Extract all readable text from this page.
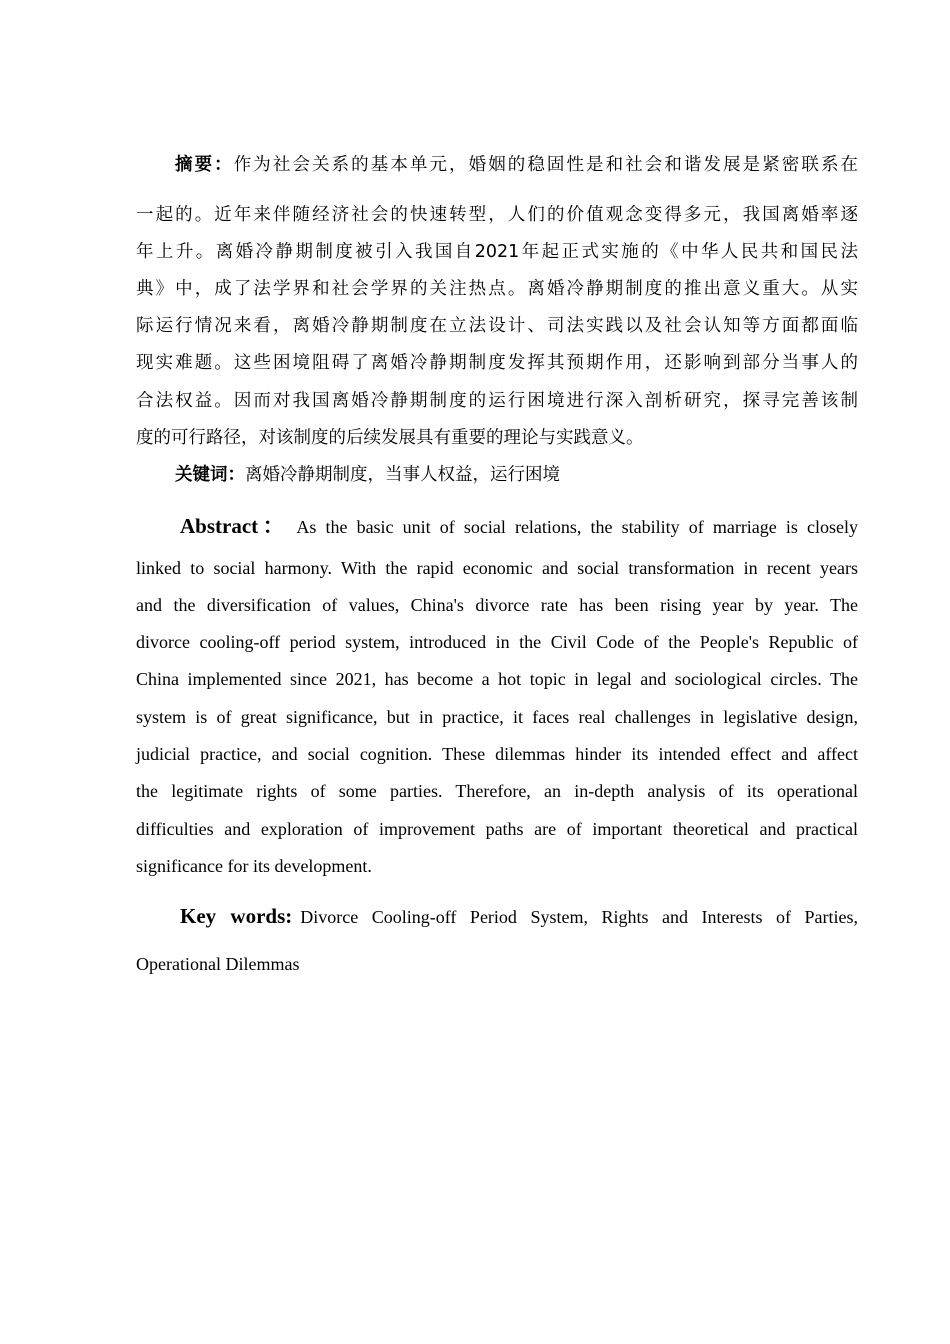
摘要：作为社会关系的基本单元，婚姻的稳固性是和社会和谐发展是紧密联系在
一起的。近年来伴随经济社会的快速转型，人们的价值观念变得多元，我国离婚率逐
年上升。离婚冷静期制度被引入我国自2021年起正式实施的《中华人民共和国民法
典》中，成了法学界和社会学界的关注热点。离婚冷静期制度的推出意义重大。从实
际运行情况来看，离婚冷静期制度在立法设计、司法实践以及社会认知等方面都面临
现实难题。这些困境阻碍了离婚冷静期制度发挥其预期作用，还影响到部分当事人的
合法权益。因而对我国离婚冷静期制度的运行困境进行深入剖析研究，探寻完善该制
度的可行路径，对该制度的后续发展具有重要的理论与实践意义。
关键词：离婚冷静期制度，当事人权益，运行困境
Abstract： As the basic unit of social relations, the stability of marriage is closely
linked to social harmony. With the rapid economic and social transformation in recent years
and the diversification of values, China's divorce rate has been rising year by year. The
divorce cooling-off period system, introduced in the Civil Code of the People's Republic of
China implemented since 2021, has become a hot topic in legal and sociological circles. The
system is of great significance, but in practice, it faces real challenges in legislative design,
judicial practice, and social cognition. These dilemmas hinder its intended effect and affect
the legitimate rights of some parties. Therefore, an in-depth analysis of its operational
difficulties and exploration of improvement paths are of important theoretical and practical
significance for its development.
Key words: Divorce Cooling-off Period System, Rights and Interests of Parties,
Operational Dilemmas
